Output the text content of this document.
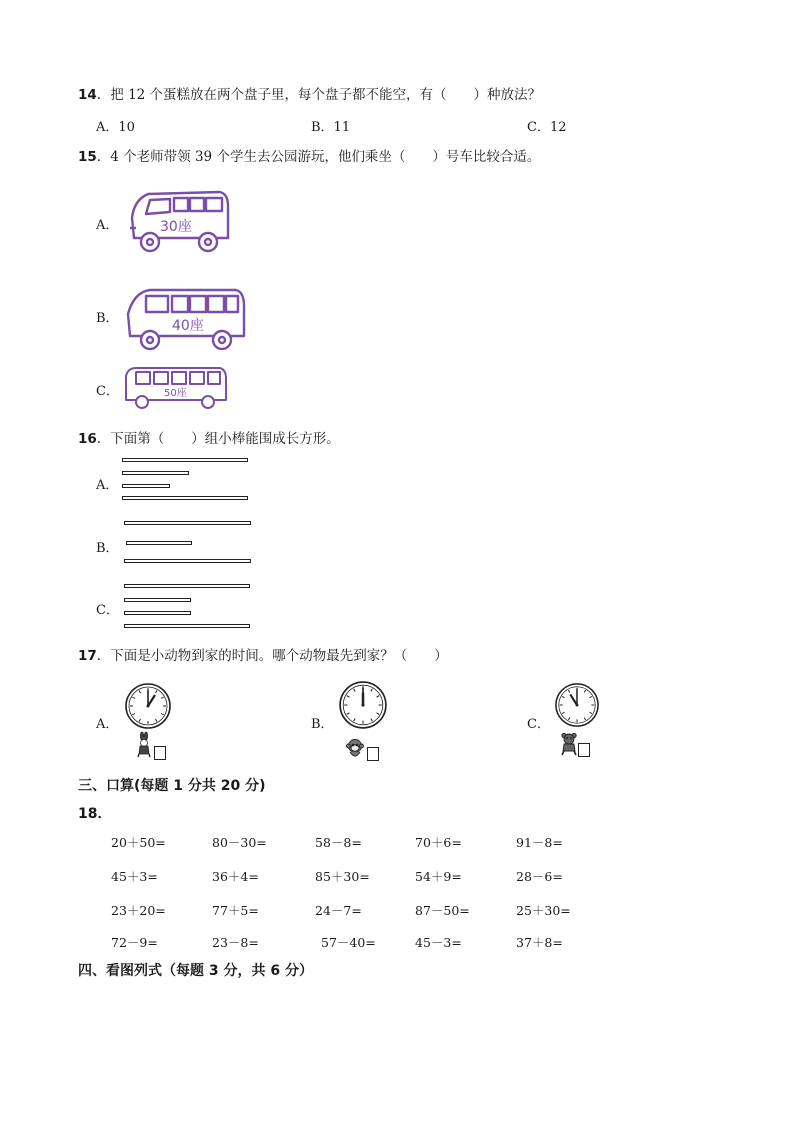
14．把 12 个蛋糕放在两个盘子里，每个盘子都不能空，有（　　）种放法？
A．10	B．11	C．12
15．4 个老师带领 39 个学生去公园游玩，他们乘坐（　　）号车比较合适。
A．	30座
B．	40座
C．	50座
16．下面第（　　）组小棒能围成长方形。
A．
B．
C．
17．下面是小动物到家的时间。哪个动物最先到家？（　　）
A．	B．	C．
三、口算(每题 1 分共 20 分)
18．
20＋50=	80－30=	58－8=	70＋6=	91－8=
45＋3=	36＋4=	85＋30=	54＋9=	28－6=
23＋20=	77＋5=	24－7=	87－50=	25＋30=
72－9=	23－8=	57－40=	45－3=	37＋8=
四、看图列式（每题 3 分，共 6 分）
